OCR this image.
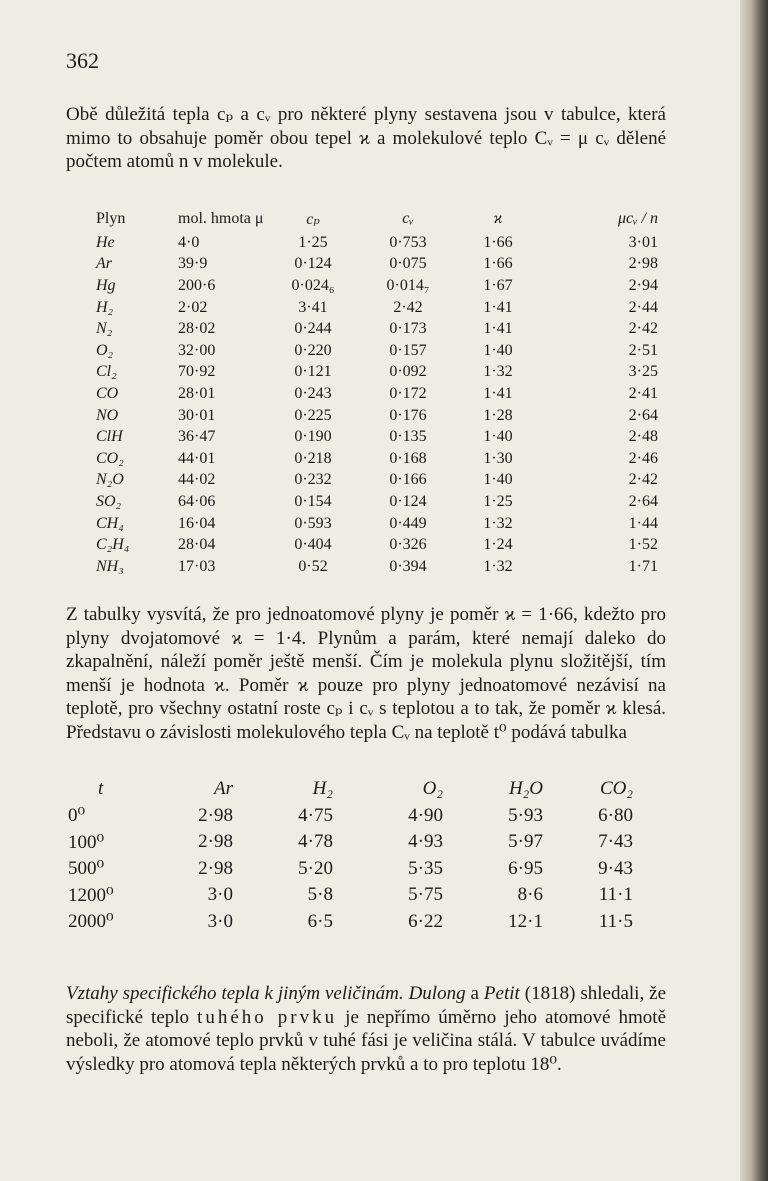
362

Obě důležitá tepla cₚ a cᵥ pro některé plyny sestavena jsou v tabulce, která mimo to obsahuje poměr obou tepel ϰ a molekulové teplo Cᵥ = μ cᵥ dělené počtem atomů n v molekule.

Plyn	mol. hmota μ	cₚ	cᵥ	ϰ	μcᵥ / n
He	4·0	1·25	0·753	1·66	3·01
Ar	39·9	0·124	0·075	1·66	2·98
Hg	200·6	0·024₆	0·014₇	1·67	2·94
H₂	2·02	3·41	2·42	1·41	2·44
N₂	28·02	0·244	0·173	1·41	2·42
O₂	32·00	0·220	0·157	1·40	2·51
Cl₂	70·92	0·121	0·092	1·32	3·25
CO	28·01	0·243	0·172	1·41	2·41
NO	30·01	0·225	0·176	1·28	2·64
ClH	36·47	0·190	0·135	1·40	2·48
CO₂	44·01	0·218	0·168	1·30	2·46
N₂O	44·02	0·232	0·166	1·40	2·42
SO₂	64·06	0·154	0·124	1·25	2·64
CH₄	16·04	0·593	0·449	1·32	1·44
C₂H₄	28·04	0·404	0·326	1·24	1·52
NH₃	17·03	0·52	0·394	1·32	1·71

Z tabulky vysvítá, že pro jednoatomové plyny je poměr ϰ = 1·66, kdežto pro plyny dvojatomové ϰ = 1·4. Plynům a parám, které nemají daleko do zkapalnění, náleží poměr ještě menší. Čím je molekula plynu složitější, tím menší je hodnota ϰ. Poměr ϰ pouze pro plyny jednoatomové nezávisí na teplotě, pro všechny ostatní roste cₚ i cᵥ s teplotou a to tak, že poměr ϰ klesá. Představu o závislosti molekulového tepla Cᵥ na teplotě t⁰ podává tabulka

t	Ar	H₂	O₂	H₂O	CO₂
0⁰	2·98	4·75	4·90	5·93	6·80
100⁰	2·98	4·78	4·93	5·97	7·43
500⁰	2·98	5·20	5·35	6·95	9·43
1200⁰	3·0	5·8	5·75	8·6	11·1
2000⁰	3·0	6·5	6·22	12·1	11·5

Vztahy specifického tepla k jiným veličinám. Dulong a Petit (1818) shledali, že specifické teplo tuhého prvku je nepřímo úměrno jeho atomové hmotě neboli, že atomové teplo prvků v tuhé fási je veličina stálá. V tabulce uvádíme výsledky pro atomová tepla některých prvků a to pro teplotu 18⁰.
